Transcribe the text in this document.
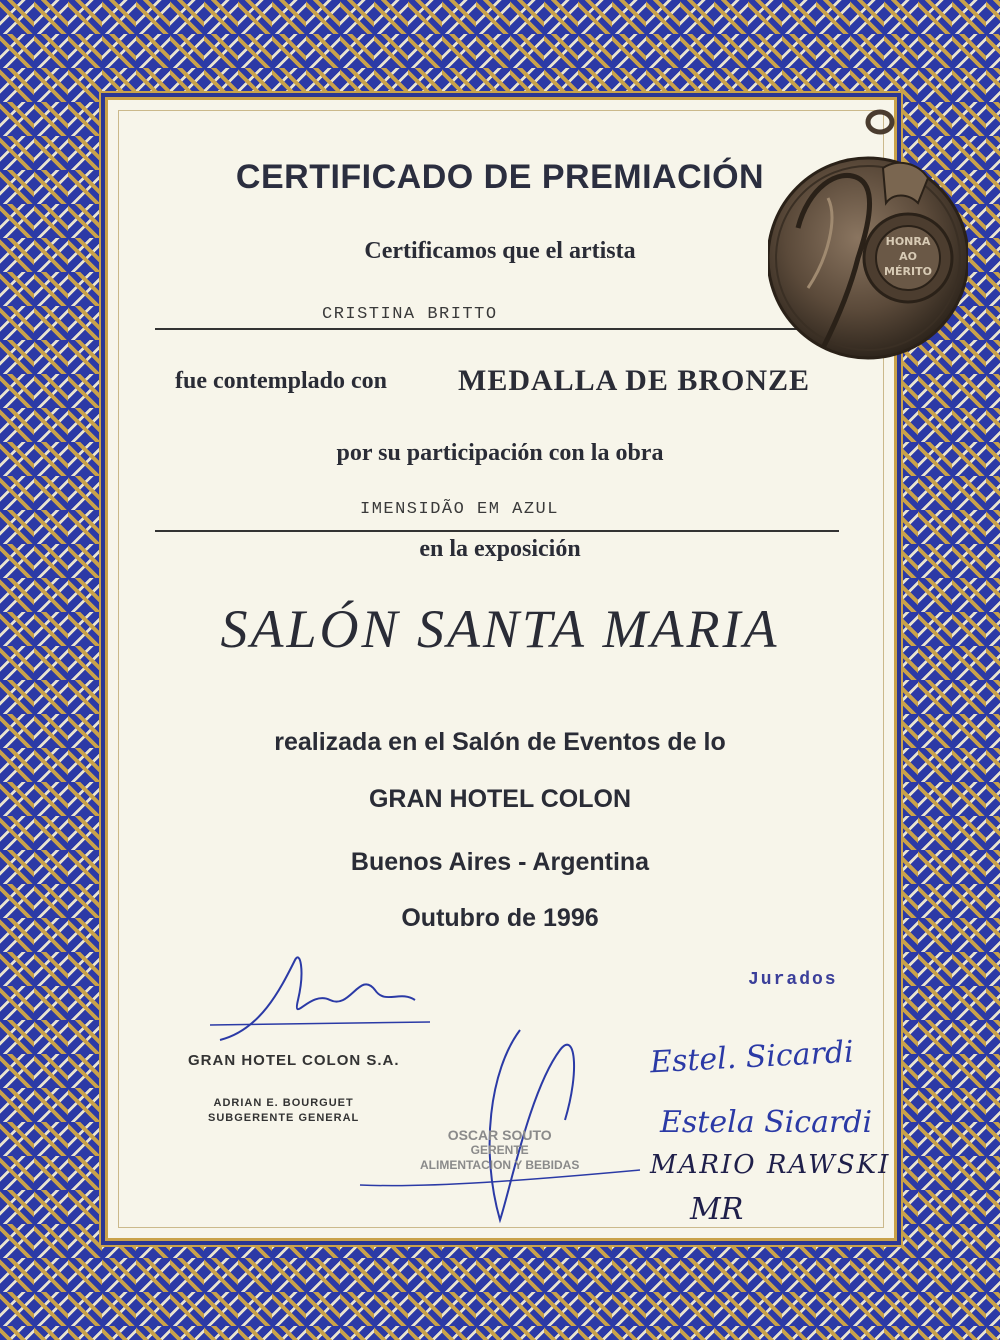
CERTIFICADO DE PREMIACIÓN
Certificamos que el artista
CRISTINA BRITTO
fue contemplado con MEDALLA DE BRONZE
por su participación con la obra
IMENSIDÃO EM AZUL
en la exposición
SALÓN SANTA MARIA
realizada en el Salón de Eventos de lo
GRAN HOTEL COLON
Buenos Aires - Argentina
Outubro de 1996
Jurados
GRAN HOTEL COLON S.A.
ADRIAN E. BOURGUET
SUBGERENTE GENERAL
OSCAR SOUTO
GERENTE
ALIMENTACION Y BEBIDAS
Estel. Sicardi
Estela Sicardi
MARIO RAWSKI
MR
HONRA
AO
MÉRITO
